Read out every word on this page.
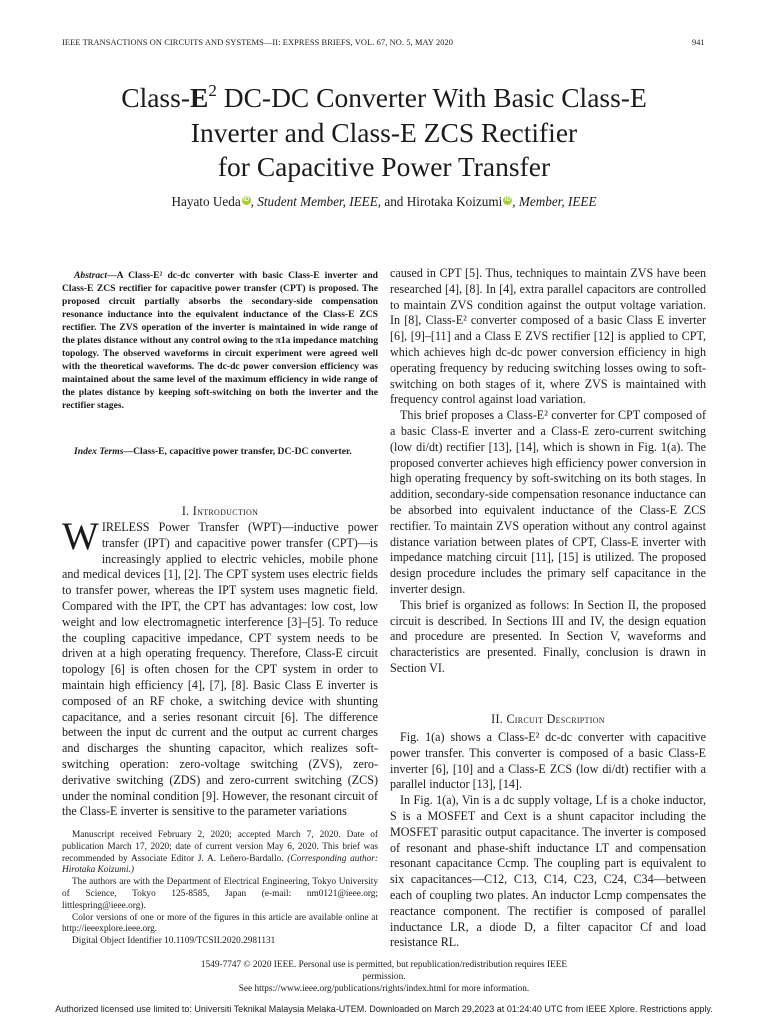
IEEE TRANSACTIONS ON CIRCUITS AND SYSTEMS—II: EXPRESS BRIEFS, VOL. 67, NO. 5, MAY 2020	941
Class-$E^2$ DC-DC Converter With Basic Class-E
Inverter and Class-E ZCS Rectifier
for Capacitive Power Transfer
Hayato Ueda iD , Student Member, IEEE, and Hirotaka Koizumi iD , Member, IEEE
Abstract—A Class-E² dc-dc converter with basic Class-E inverter and Class-E ZCS rectifier for capacitive power transfer (CPT) is proposed. The proposed circuit partially absorbs the secondary-side compensation resonance inductance into the equivalent inductance of the Class-E ZCS rectifier. The ZVS operation of the inverter is maintained in wide range of the plates distance without any control owing to the π1a impedance matching topology. The observed waveforms in circuit experiment were agreed well with the theoretical waveforms. The dc-dc power conversion efficiency was maintained about the same level of the maximum efficiency in wide range of the plates distance by keeping soft-switching on both the inverter and the rectifier stages.
Index Terms—Class-E, capacitive power transfer, DC-DC converter.
I. Introduction

WIRELESS Power Transfer (WPT)—inductive power transfer (IPT) and capacitive power transfer (CPT)—is increasingly applied to electric vehicles, mobile phone and medical devices [1], [2]. The CPT system uses electric fields to transfer power, whereas the IPT system uses magnetic field. Compared with the IPT, the CPT has advantages: low cost, low weight and low electromagnetic interference [3]–[5]. To reduce the coupling capacitive impedance, CPT system needs to be driven at a high operating frequency. Therefore, Class-E circuit topology [6] is often chosen for the CPT system in order to maintain high efficiency [4], [7], [8]. Basic Class E inverter is composed of an RF choke, a switching device with shunting capacitance, and a series resonant circuit [6]. The difference between the input dc current and the output ac current charges and discharges the shunting capacitor, which realizes soft-switching operation: zero-voltage switching (ZVS), zero-derivative switching (ZDS) and zero-current switching (ZCS) under the nominal condition [9]. However, the resonant circuit of the Class-E inverter is sensitive to the parameter variations

caused in CPT [5]. Thus, techniques to maintain ZVS have been researched [4], [8]. In [4], extra parallel capacitors are controlled to maintain ZVS condition against the output voltage variation. In [8], Class-E² converter composed of a basic Class E inverter [6], [9]–[11] and a Class E ZVS rectifier [12] is applied to CPT, which achieves high dc-dc power conversion efficiency in high operating frequency by reducing switching losses owing to soft-switching on both stages of it, where ZVS is maintained with frequency control against load variation.

This brief proposes a Class-E² converter for CPT composed of a basic Class-E inverter and a Class-E zero-current switching (low di/dt) rectifier [13], [14], which is shown in Fig. 1(a). The proposed converter achieves high efficiency power conversion in high operating frequency by soft-switching on its both stages. In addition, secondary-side compensation resonance inductance can be absorbed into equivalent inductance of the Class-E ZCS rectifier. To maintain ZVS operation without any control against distance variation between plates of CPT, Class-E inverter with impedance matching circuit [11], [15] is utilized. The proposed design procedure includes the primary self capacitance in the inverter design.

This brief is organized as follows: In Section II, the proposed circuit is described. In Sections III and IV, the design equation and procedure are presented. In Section V, waveforms and characteristics are presented. Finally, conclusion is drawn in Section VI.

II. Circuit Description

Fig. 1(a) shows a Class-E² dc-dc converter with capacitive power transfer. This converter is composed of a basic Class-E inverter [6], [10] and a Class-E ZCS (low di/dt) rectifier with a parallel inductor [13], [14].

In Fig. 1(a), Vin is a dc supply voltage, Lf is a choke inductor, S is a MOSFET and Cext is a shunt capacitor including the MOSFET parasitic output capacitance. The inverter is composed of resonant and phase-shift inductance LT and compensation resonant capacitance Ccmp. The coupling part is equivalent to six capacitances—C12, C13, C14, C23, C24, C34—between each of coupling two plates. An inductor Lcmp compensates the reactance component. The rectifier is composed of parallel inductance LR, a diode D, a filter capacitor Cf and load resistance RL.

Manuscript received February 2, 2020; accepted March 7, 2020. Date of publication March 17, 2020; date of current version May 6, 2020. This brief was recommended by Associate Editor J. A. Leñero-Bardallo. (Corresponding author: Hirotaka Koizumi.)

The authors are with the Department of Electrical Engineering, Tokyo University of Science, Tokyo 125-8585, Japan (e-mail: nm0121@ieee.org; littlespring@ieee.org).

Color versions of one or more of the figures in this article are available online at http://ieeexplore.ieee.org.

Digital Object Identifier 10.1109/TCSII.2020.2981131

1549-7747 © 2020 IEEE. Personal use is permitted, but republication/redistribution requires IEEE permission.
See https://www.ieee.org/publications/rights/index.html for more information.
Authorized licensed use limited to: Universiti Teknikal Malaysia Melaka-UTEM. Downloaded on March 29,2023 at 01:24:40 UTC from IEEE Xplore. Restrictions apply.
